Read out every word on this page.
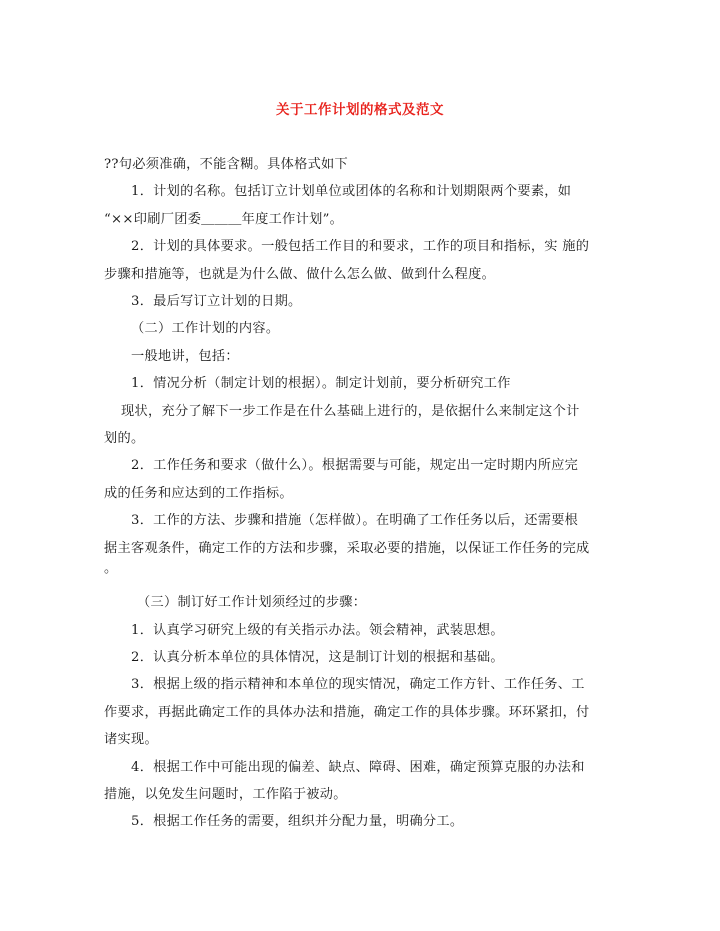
关于工作计划的格式及范文

??句必须准确，不能含糊。具体格式如下

1．计划的名称。包括订立计划单位或团体的名称和计划期限两个要素，如

“××印刷厂团委＿＿＿年度工作计划”。

2．计划的具体要求。一般包括工作目的和要求，工作的项目和指标，实 施的

步骤和措施等，也就是为什么做、做什么怎么做、做到什么程度。

3．最后写订立计划的日期。

（二）工作计划的内容。

一般地讲，包括：

1．情况分析（制定计划的根据）。制定计划前，要分析研究工作

现状，充分了解下一步工作是在什么基础上进行的，是依据什么来制定这个计

划的。

2．工作任务和要求（做什么）。根据需要与可能，规定出一定时期内所应完

成的任务和应达到的工作指标。

3．工作的方法、步骤和措施（怎样做）。在明确了工作任务以后，还需要根

据主客观条件，确定工作的方法和步骤，采取必要的措施，以保证工作任务的完成

。

（三）制订好工作计划须经过的步骤：

1．认真学习研究上级的有关指示办法。领会精神，武装思想。

2．认真分析本单位的具体情况，这是制订计划的根据和基础。

3．根据上级的指示精神和本单位的现实情况，确定工作方针、工作任务、工

作要求，再据此确定工作的具体办法和措施，确定工作的具体步骤。环环紧扣，付

诸实现。

4．根据工作中可能出现的偏差、缺点、障碍、困难，确定预算克服的办法和

措施，以免发生问题时，工作陷于被动。

5．根据工作任务的需要，组织并分配力量，明确分工。
